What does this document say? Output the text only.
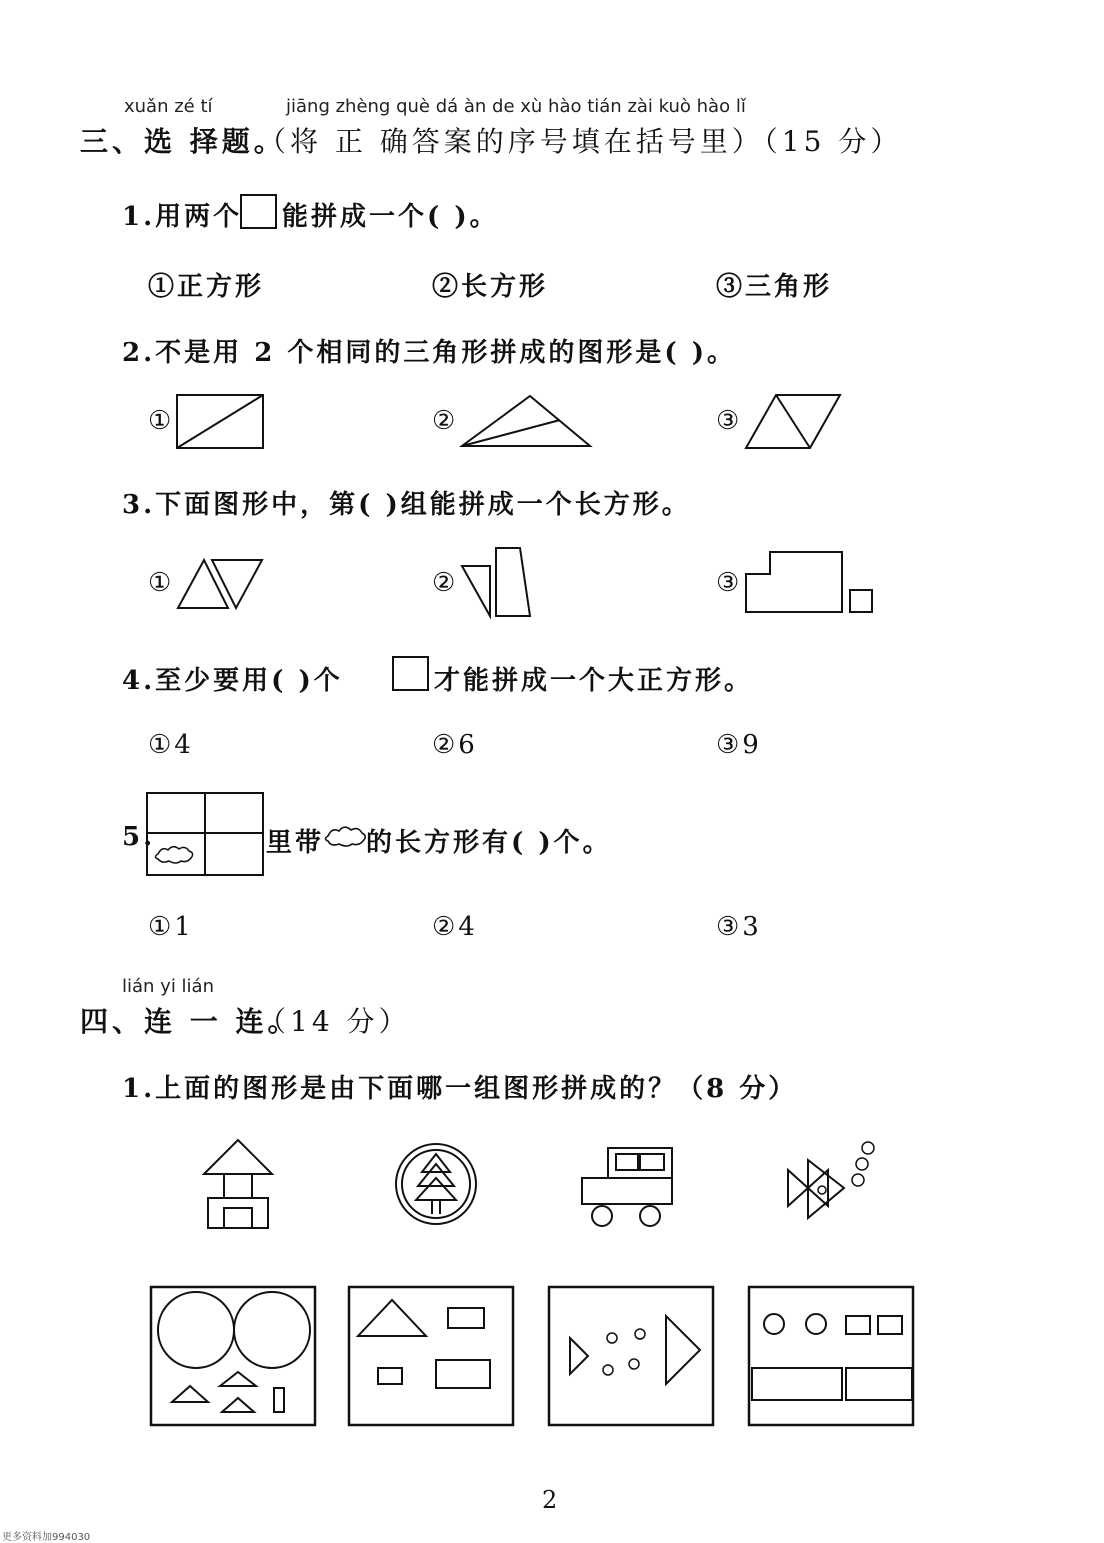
xuǎn zé tí	jiāng zhèng què dá àn de xù hào tián zài kuò hào lǐ
三、选 择题。
（将 正 确答案的序号填在括号里）（15 分）
1.用两个 能拼成一个( )。
①正方形	②长方形	③三角形
2.不是用 2 个相同的三角形拼成的图形是( )。
①	②	③
3.下面图形中，第( )组能拼成一个长方形。
①	②	③
4.至少要用( )个	才能拼成一个大正方形。
①4	②6	③9
5.	里带 的长方形有( )个。
①1	②4	③3
lián yi lián
四、连 一 连。
（14 分）
1.上面的图形是由下面哪一组图形拼成的？（8 分）
2
更多资料加994030
